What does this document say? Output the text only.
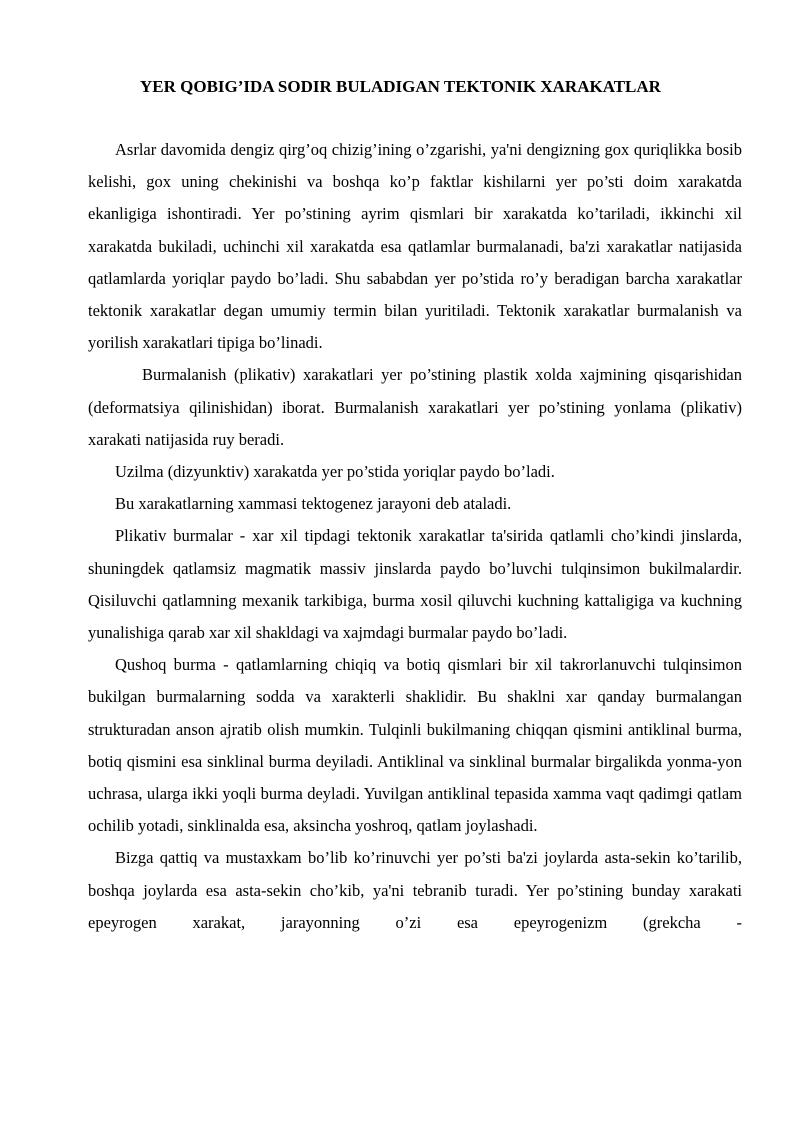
YER QOBIG’IDA SODIR BULADIGAN TEKTONIK XARAKATLAR

Asrlar davomida dengiz qirg’oq chizig’ining o’zgarishi, ya'ni dengizning gox quriqlikka bosib kelishi, gox uning chekinishi va boshqa ko’p faktlar kishilarni yer po’sti doim xarakatda ekanligiga ishontiradi. Yer po’stining ayrim qismlari bir xarakatda ko’tariladi, ikkinchi xil xarakatda bukiladi, uchinchi xil xarakatda esa qatlamlar burmalanadi, ba'zi xarakatlar natijasida qatlamlarda yoriqlar paydo bo’ladi. Shu sababdan yer po’stida ro’y beradigan barcha xarakatlar tektonik xarakatlar degan umumiy termin bilan yuritiladi. Tektonik xarakatlar burmalanish va yorilish xarakatlari tipiga bo’linadi.

Burmalanish (plikativ) xarakatlari yer po’stining plastik xolda xajmining qisqarishidan (deformatsiya qilinishidan) iborat. Burmalanish xarakatlari yer po’stining yonlama (plikativ) xarakati natijasida ruy beradi.

Uzilma (dizyunktiv) xarakatda yer po’stida yoriqlar paydo bo’ladi.

Bu xarakatlarning xammasi tektogenez jarayoni deb ataladi.

Plikativ burmalar - xar xil tipdagi tektonik xarakatlar ta'sirida qatlamli cho’kindi jinslarda, shuningdek qatlamsiz magmatik massiv jinslarda paydo bo’luvchi tulqinsimon bukilmalardir. Qisiluvchi qatlamning mexanik tarkibiga, burma xosil qiluvchi kuchning kattaligiga va kuchning yunalishiga qarab xar xil shakldagi va xajmdagi burmalar paydo bo’ladi.

Qushoq burma - qatlamlarning chiqiq va botiq qismlari bir xil takrorlanuvchi tulqinsimon bukilgan burmalarning sodda va xarakterli shaklidir. Bu shaklni xar qanday burmalangan strukturadan anson ajratib olish mumkin. Tulqinli bukilmaning chiqqan qismini antiklinal burma, botiq qismini esa sinklinal burma deyiladi. Antiklinal va sinklinal burmalar birgalikda yonma-yon uchrasa, ularga ikki yoqli burma deyladi. Yuvilgan antiklinal tepasida xamma vaqt qadimgi qatlam ochilib yotadi, sinklinalda esa, aksincha yoshroq, qatlam joylashadi.

Bizga qattiq va mustaxkam bo’lib ko’rinuvchi yer po’sti ba'zi joylarda asta-sekin ko’tarilib, boshqa joylarda esa asta-sekin cho’kib, ya'ni tebranib turadi. Yer po’stining bunday xarakati epeyrogen xarakat, jarayonning o’zi esa epeyrogenizm (grekcha -
